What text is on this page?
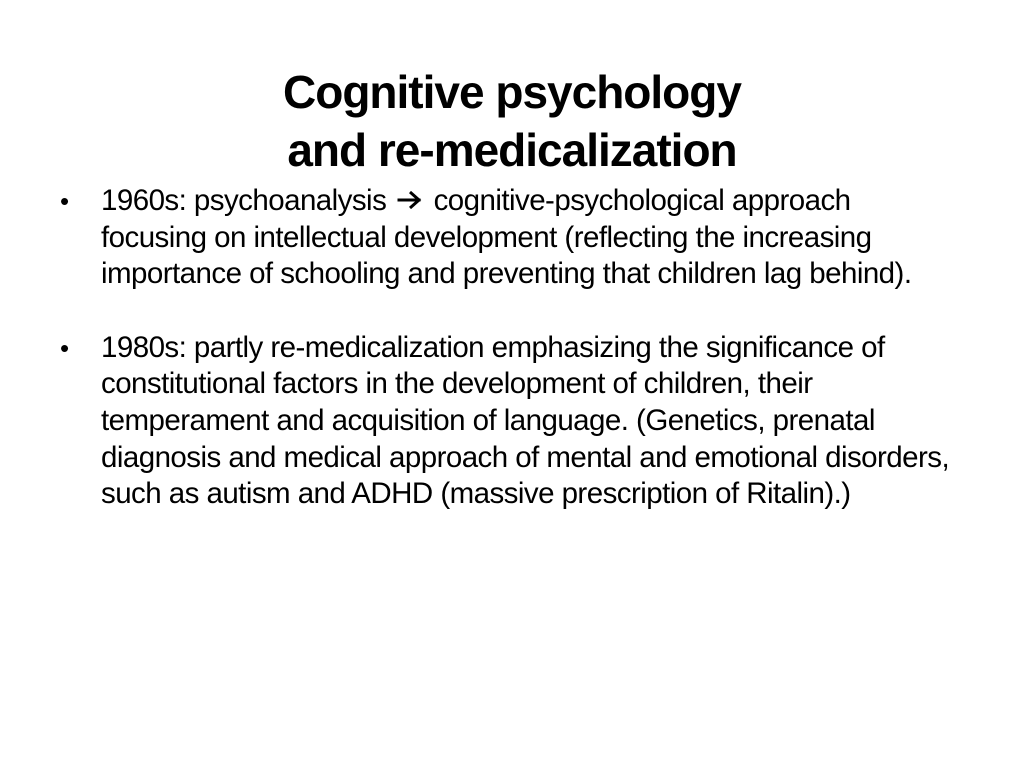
Cognitive psychology
and re-medicalization
• 1960s: psychoanalysis cognitive-psychological approach focusing on intellectual development (reflecting the increasing importance of schooling and preventing that children lag behind).
• 1980s: partly re-medicalization emphasizing the significance of constitutional factors in the development of children, their temperament and acquisition of language. (Genetics, prenatal diagnosis and medical approach of mental and emotional disorders, such as autism and ADHD (massive prescription of Ritalin).)
